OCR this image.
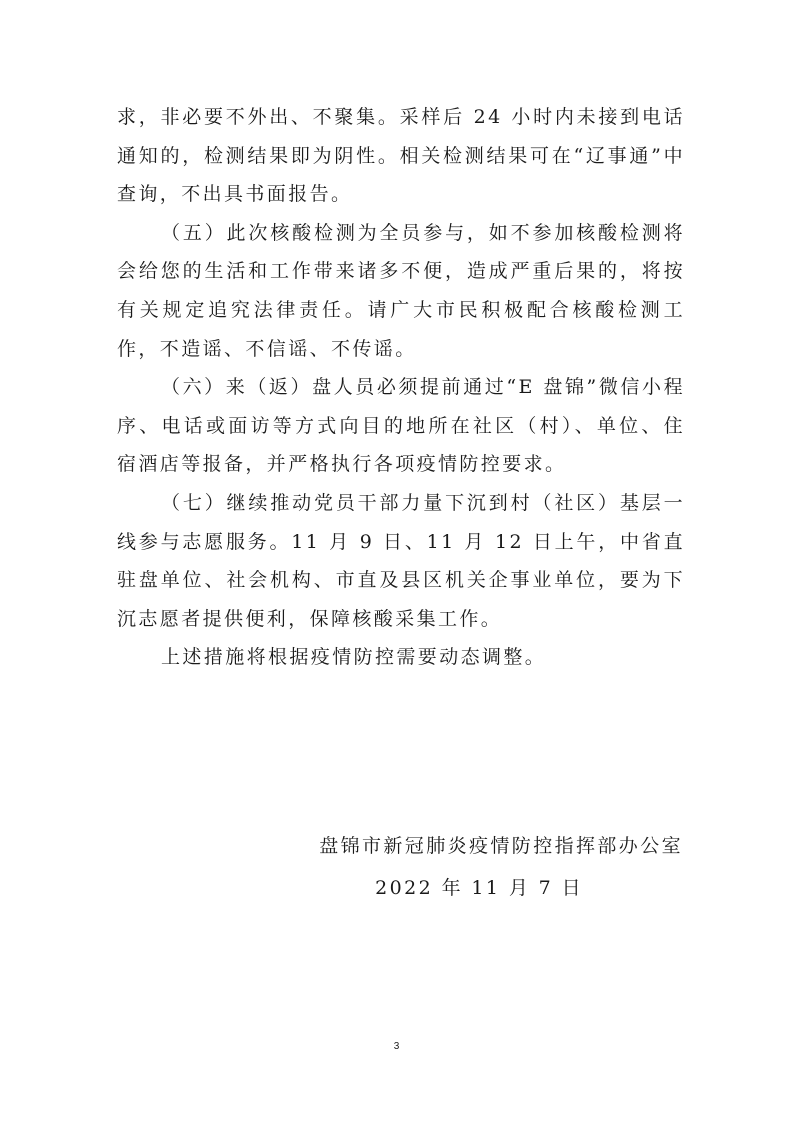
求，非必要不外出、不聚集。采样后 24 小时内未接到电话通知的，检测结果即为阴性。相关检测结果可在“辽事通”中查询，不出具书面报告。

（五）此次核酸检测为全员参与，如不参加核酸检测将会给您的生活和工作带来诸多不便，造成严重后果的，将按有关规定追究法律责任。请广大市民积极配合核酸检测工作，不造谣、不信谣、不传谣。

（六）来（返）盘人员必须提前通过“E 盘锦”微信小程序、电话或面访等方式向目的地所在社区（村）、单位、住宿酒店等报备，并严格执行各项疫情防控要求。

（七）继续推动党员干部力量下沉到村（社区）基层一线参与志愿服务。11 月 9 日、11 月 12 日上午，中省直驻盘单位、社会机构、市直及县区机关企事业单位，要为下沉志愿者提供便利，保障核酸采集工作。

上述措施将根据疫情防控需要动态调整。

盘锦市新冠肺炎疫情防控指挥部办公室

2022 年 11 月 7 日

3
